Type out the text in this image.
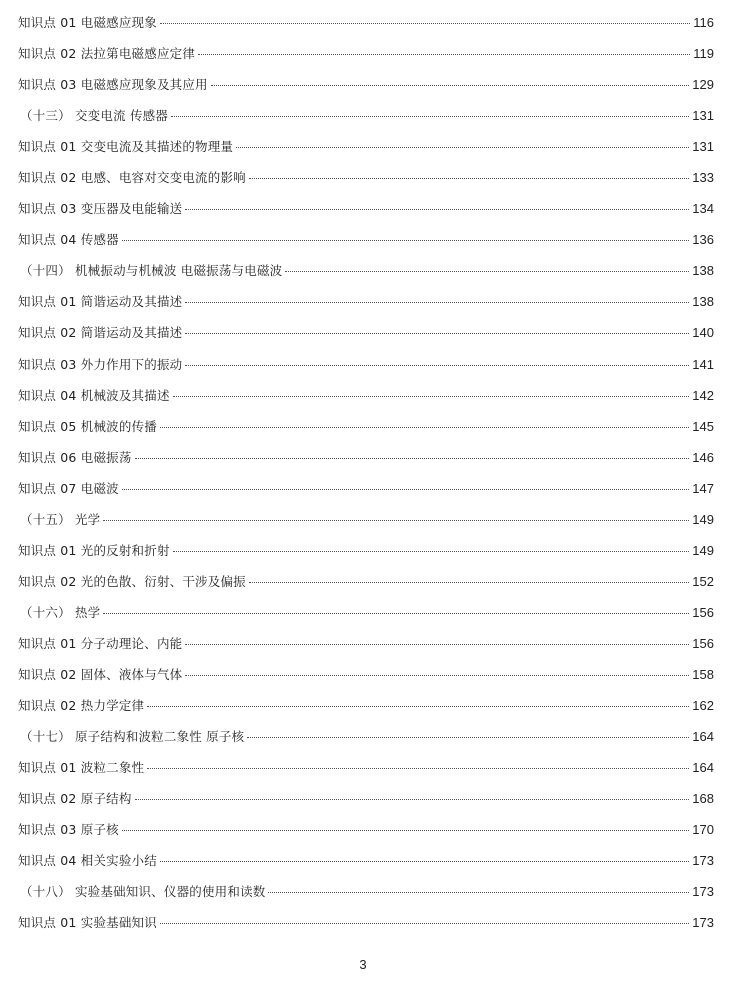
知识点 01 电磁感应现象	116
知识点 02 法拉第电磁感应定律	119
知识点 03 电磁感应现象及其应用	129
（十三） 交变电流 传感器	131
知识点 01 交变电流及其描述的物理量	131
知识点 02 电感、电容对交变电流的影响	133
知识点 03 变压器及电能输送	134
知识点 04 传感器	136
（十四） 机械振动与机械波 电磁振荡与电磁波	138
知识点 01 简谐运动及其描述	138
知识点 02 简谐运动及其描述	140
知识点 03 外力作用下的振动	141
知识点 04 机械波及其描述	142
知识点 05 机械波的传播	145
知识点 06 电磁振荡	146
知识点 07 电磁波	147
（十五） 光学	149
知识点 01 光的反射和折射	149
知识点 02 光的色散、衍射、干涉及偏振	152
（十六） 热学	156
知识点 01 分子动理论、内能	156
知识点 02 固体、液体与气体	158
知识点 02 热力学定律	162
（十七） 原子结构和波粒二象性 原子核	164
知识点 01 波粒二象性	164
知识点 02 原子结构	168
知识点 03 原子核	170
知识点 04 相关实验小结	173
（十八） 实验基础知识、仪器的使用和读数	173
知识点 01 实验基础知识	173
3
